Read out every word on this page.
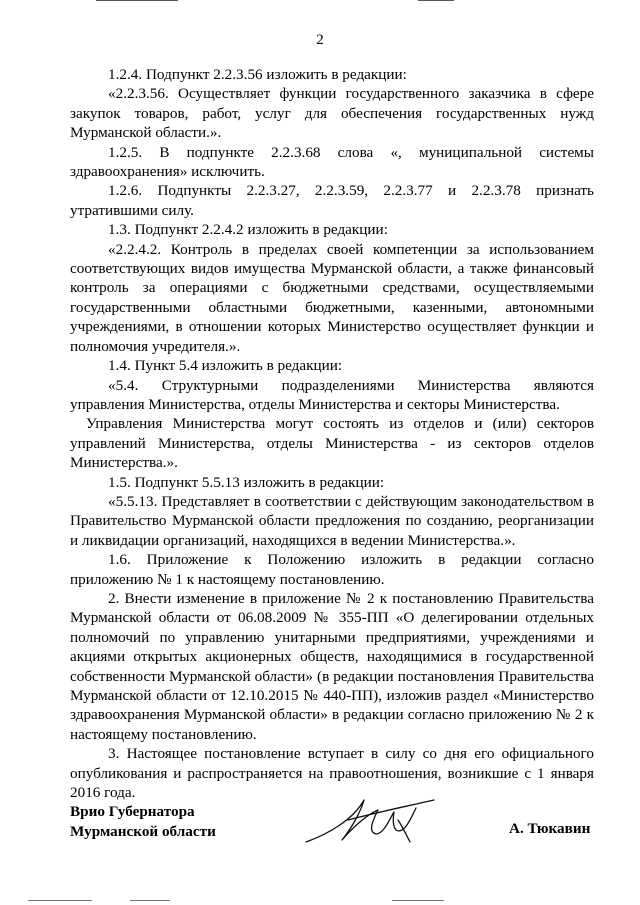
2

1.2.4. Подпункт 2.2.3.56 изложить в редакции:

«2.2.3.56. Осуществляет функции государственного заказчика в сфере закупок товаров, работ, услуг для обеспечения государственных нужд Мурманской области.».

1.2.5. В подпункте 2.2.3.68 слова «, муниципальной системы здравоохранения» исключить.

1.2.6. Подпункты 2.2.3.27, 2.2.3.59, 2.2.3.77 и 2.2.3.78 признать утратившими силу.

1.3. Подпункт 2.2.4.2 изложить в редакции:

«2.2.4.2. Контроль в пределах своей компетенции за использованием соответствующих видов имущества Мурманской области, а также финансовый контроль за операциями с бюджетными средствами, осуществляемыми государственными областными бюджетными, казенными, автономными учреждениями, в отношении которых Министерство осуществляет функции и полномочия учредителя.».

1.4. Пункт 5.4 изложить в редакции:

«5.4. Структурными подразделениями Министерства являются управления Министерства, отделы Министерства и секторы Министерства.

Управления Министерства могут состоять из отделов и (или) секторов управлений Министерства, отделы Министерства - из секторов отделов Министерства.».

1.5. Подпункт 5.5.13 изложить в редакции:

«5.5.13. Представляет в соответствии с действующим законодательством в Правительство Мурманской области предложения по созданию, реорганизации и ликвидации организаций, находящихся в ведении Министерства.».

1.6. Приложение к Положению изложить в редакции согласно приложению № 1 к настоящему постановлению.

2. Внести изменение в приложение № 2 к постановлению Правительства Мурманской области от 06.08.2009 № 355-ПП «О делегировании отдельных полномочий по управлению унитарными предприятиями, учреждениями и акциями открытых акционерных обществ, находящимися в государственной собственности Мурманской области» (в редакции постановления Правительства Мурманской области от 12.10.2015 № 440-ПП), изложив раздел «Министерство здравоохранения Мурманской области» в редакции согласно приложению № 2 к настоящему постановлению.

3. Настоящее постановление вступает в силу со дня его официального опубликования и распространяется на правоотношения, возникшие с 1 января 2016 года.

Врио Губернатора
Мурманской области	А. Тюкавин
